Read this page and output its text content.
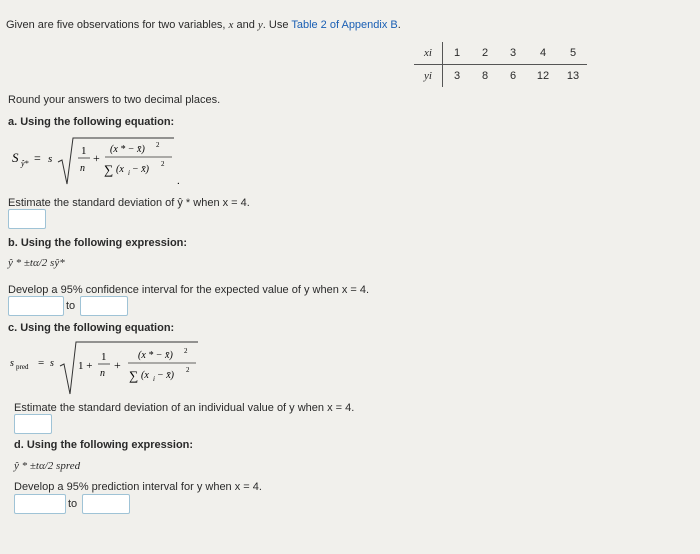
Given are five observations for two variables, x and y. Use Table 2 of Appendix B.
xi	1	2	3	4	5
yi	3	8	6	12	13
Round your answers to two decimal places.
a. Using the following equation:
S ŷ* = s
1
n
+
(x * − x̄) 2
∑ (x i − x̄) 2
.
Estimate the standard deviation of ŷ * when x = 4.
b. Using the following expression:
ŷ * ±tα/2 sŷ*
Develop a 95% confidence interval for the expected value of y when x = 4.
to
c. Using the following equation:
s pred = s 1 +
1
n
+
(x * − x̄) 2
∑ (x i − x̄) 2
Estimate the standard deviation of an individual value of y when x = 4.
d. Using the following expression:
ŷ * ±tα/2 spred
Develop a 95% prediction interval for y when x = 4.
to
